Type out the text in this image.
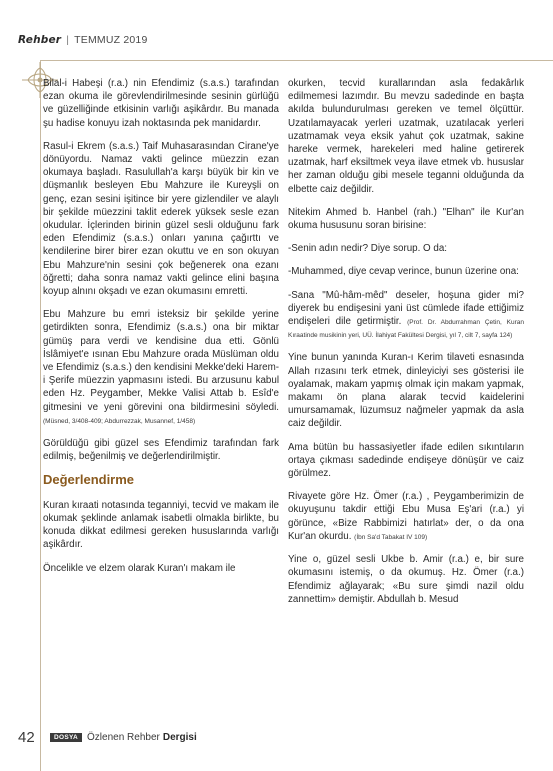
Rehber | TEMMUZ 2019

Bilal-i Habeşi (r.a.) nin Efendimiz (s.a.s.) tarafından ezan okuma ile görevlendirilmesinde sesinin gürlüğü ve güzelliğinde etkisinin varlığı aşikârdır. Bu manada şu hadise konuyu izah noktasında pek manidardır.

Rasul-i Ekrem (s.a.s.) Taif Muhasarasından Cirane'ye dönüyordu. Namaz vakti gelince müezzin ezan okumaya başladı. Rasulullah'a karşı büyük bir kin ve düşmanlık besleyen Ebu Mahzure ile Kureyşli on genç, ezan sesini işitince bir yere gizlendiler ve alaylı bir şekilde müezzini taklit ederek yüksek sesle ezan okudular. İçlerinden birinin güzel sesli olduğunu fark eden Efendimiz (s.a.s.) onları yanına çağırttı ve kendilerine birer birer ezan okuttu ve en son okuyan Ebu Mahzure'nin sesini çok beğenerek ona ezanı öğretti; daha sonra namaz vakti gelince elini başına koyup alnını okşadı ve ezan okumasını emretti.

Ebu Mahzure bu emri isteksiz bir şekilde yerine getirdikten sonra, Efendimiz (s.a.s.) ona bir miktar gümüş para verdi ve kendisine dua etti. Gönlü İslâmiyet'e ısınan Ebu Mahzure orada Müslüman oldu ve Efendimiz (s.a.s.) den kendisini Mekke'deki Harem-i Şerife müezzin yapmasını istedi. Bu arzusunu kabul eden Hz. Peygamber, Mekke Valisi Attab b. Esîd'e gitmesini ve yeni görevini ona bildirmesini söyledi. (Müsned, 3/408-409; Abdurrezzak, Musannef, 1/458)

Görüldüğü gibi güzel ses Efendimiz tarafından fark edilmiş, beğenilmiş ve değerlendirilmiştir.

Değerlendirme

Kuran kıraati notasında teganniyi, tecvid ve makam ile okumak şeklinde anlamak isabetli olmakla birlikte, bu konuda dikkat edilmesi gereken hususlarında varlığı aşikârdır.

Öncelikle ve elzem olarak Kuran'ı makam ile

okurken, tecvid kurallarından asla fedakârlık edilmemesi lazımdır. Bu mevzu sadedinde en başta akılda bulundurulması gereken ve temel ölçüttür. Uzatılamayacak yerleri uzatmak, uzatılacak yerleri uzatmamak veya eksik yahut çok uzatmak, sakine hareke vermek, harekeleri med haline getirerek uzatmak, harf eksiltmek veya ilave etmek vb. hususlar her zaman olduğu gibi mesele teganni olduğunda da elbette caiz değildir.

Nitekim Ahmed b. Hanbel (rah.) "Elhan" ile Kur'an okuma hususunu soran birisine:

-Senin adın nedir? Diye sorup. O da:

-Muhammed, diye cevap verince, bunun üzerine ona:

-Sana "Mû-hâm-mêd" deseler, hoşuna gider mi? diyerek bu endişesini yani üst cümlede ifade ettiğimiz endişeleri dile getirmiştir. (Prof. Dr. Abdurrahman Çetin, Kuran Kıraatinde musikinin yeri, UÜ. İlahiyat Fakültesi Dergisi, yıl 7, cilt 7, sayfa 124)

Yine bunun yanında Kuran-ı Kerim tilaveti esnasında Allah rızasını terk etmek, dinleyiciyi ses gösterisi ile oyalamak, makam yapmış olmak için makam yapmak, makamı ön plana alarak tecvid kaidelerini umursamamak, lüzumsuz nağmeler yapmak da asla caiz değildir.

Ama bütün bu hassasiyetler ifade edilen sıkıntıların ortaya çıkması sadedinde endişeye dönüşür ve caiz görülmez.

Rivayete göre Hz. Ömer (r.a.) , Peygamberimizin de okuyuşunu takdir ettiği Ebu Musa Eş'ari (r.a.) yi görünce, «Bize Rabbimizi hatırlat» der, o da ona Kur'an okurdu. (İbn Sa'd Tabakat IV 109)

Yine o, güzel sesli Ukbe b. Amir (r.a.) e, bir sure okumasını istemiş, o da okumuş. Hz. Ömer (r.a.) Efendimiz ağlayarak; «Bu sure şimdi nazil oldu zannettim» demiştir. Abdullah b. Mesud

42	DOSYA Özlenen Rehber Dergisi
